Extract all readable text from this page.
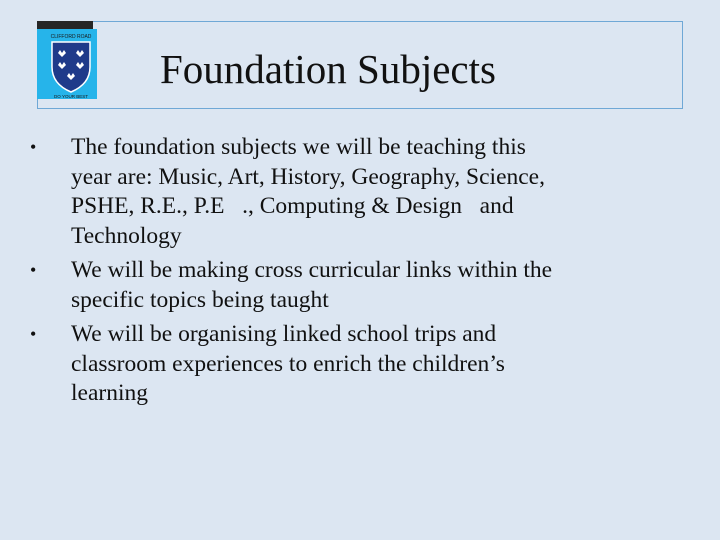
CLIFFORD ROAD
DO YOUR BEST
Foundation Subjects
• The foundation subjects we will be teaching this
year are: Music, Art, History, Geography, Science,
PSHE, R.E., P.E   ., Computing & Design   and
Technology
• We will be making cross curricular links within the
specific topics being taught
• We will be organising linked school trips and
classroom experiences to enrich the children’s
learning
